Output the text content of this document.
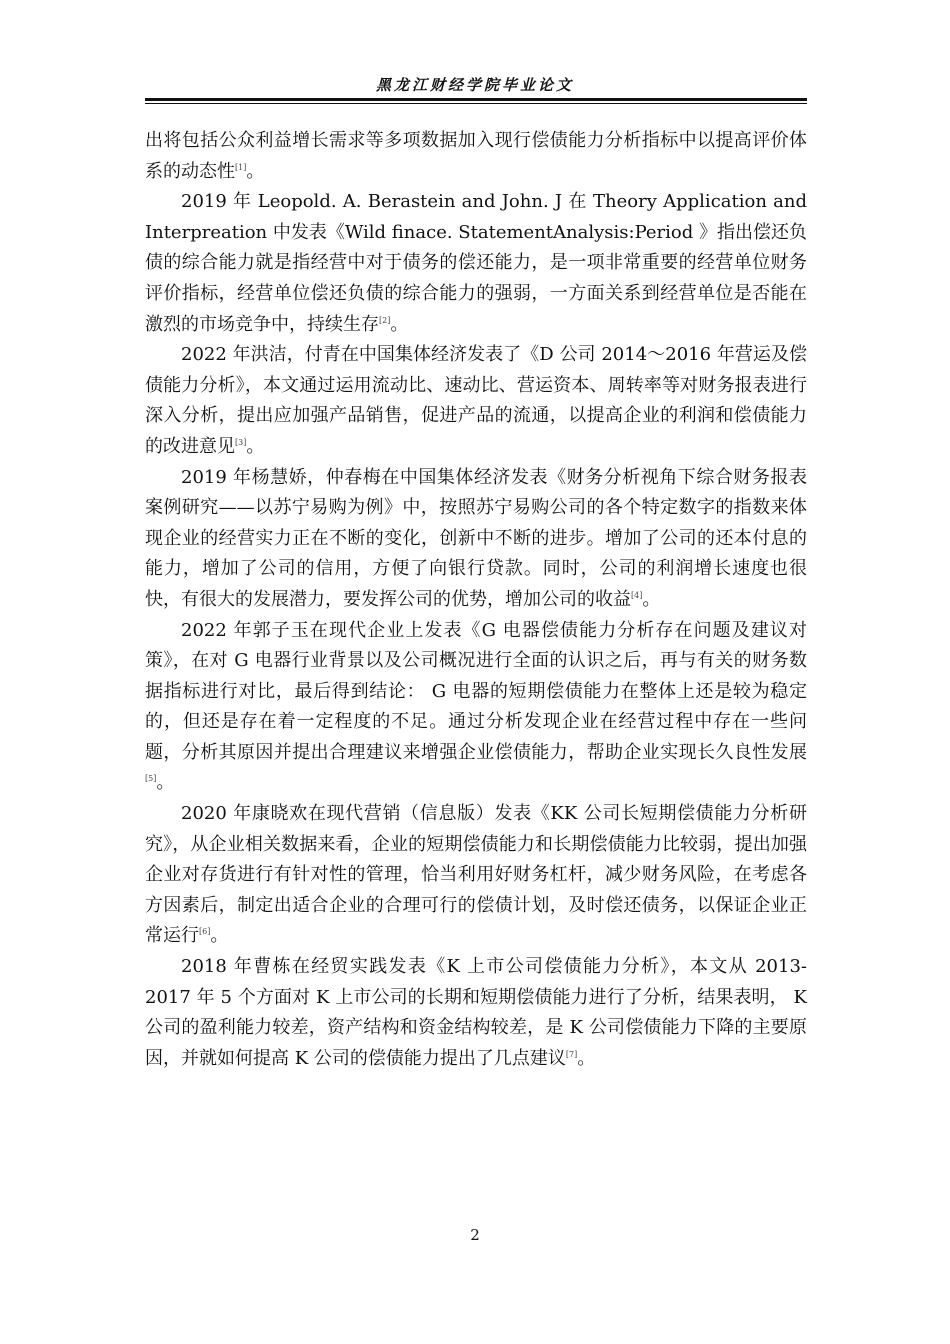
黑龙江财经学院毕业论文

出将包括公众利益增长需求等多项数据加入现行偿债能力分析指标中以提高评价体系的动态性[1]。

2019 年 Leopold. A. Berastein and John. J 在 Theory Application and Interpreation 中发表《Wild finace. StatementAnalysis:Period 》指出偿还负债的综合能力就是指经营中对于债务的偿还能力，是一项非常重要的经营单位财务评价指标，经营单位偿还负债的综合能力的强弱，一方面关系到经营单位是否能在激烈的市场竞争中，持续生存[2]。

2022 年洪洁，付青在中国集体经济发表了《D 公司 2014～2016 年营运及偿债能力分析》，本文通过运用流动比、速动比、营运资本、周转率等对财务报表进行深入分析，提出应加强产品销售，促进产品的流通，以提高企业的利润和偿债能力的改进意见[3]。

2019 年杨慧娇，仲春梅在中国集体经济发表《财务分析视角下综合财务报表案例研究——以苏宁易购为例》中，按照苏宁易购公司的各个特定数字的指数来体现企业的经营实力正在不断的变化，创新中不断的进步。增加了公司的还本付息的能力，增加了公司的信用，方便了向银行贷款。同时，公司的利润增长速度也很快，有很大的发展潜力，要发挥公司的优势，增加公司的收益[4]。

2022 年郭子玉在现代企业上发表《G 电器偿债能力分析存在问题及建议对策》，在对 G 电器行业背景以及公司概况进行全面的认识之后，再与有关的财务数据指标进行对比，最后得到结论： G 电器的短期偿债能力在整体上还是较为稳定的，但还是存在着一定程度的不足。通过分析发现企业在经营过程中存在一些问题，分析其原因并提出合理建议来增强企业偿债能力，帮助企业实现长久良性发展[5]。

2020 年康晓欢在现代营销（信息版）发表《KK 公司长短期偿债能力分析研究》，从企业相关数据来看，企业的短期偿债能力和长期偿债能力比较弱，提出加强企业对存货进行有针对性的管理，恰当利用好财务杠杆，减少财务风险，在考虑各方因素后，制定出适合企业的合理可行的偿债计划，及时偿还债务，以保证企业正常运行[6]。

2018 年曹栋在经贸实践发表《K 上市公司偿债能力分析》，本文从 2013-2017 年 5 个方面对 K 上市公司的长期和短期偿债能力进行了分析，结果表明， K 公司的盈利能力较差，资产结构和资金结构较差，是 K 公司偿债能力下降的主要原因，并就如何提高 K 公司的偿债能力提出了几点建议[7]。

2
